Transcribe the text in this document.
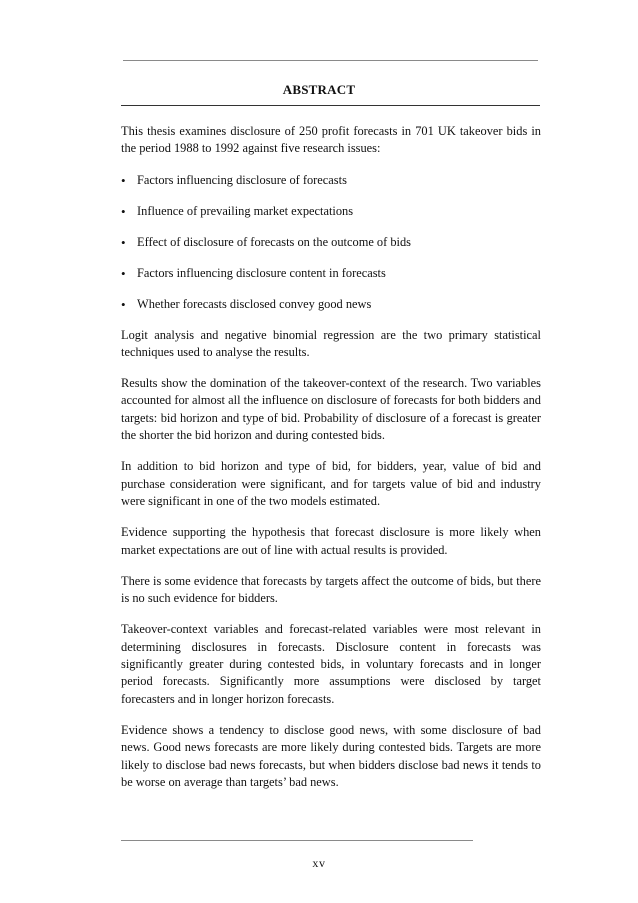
ABSTRACT

This thesis examines disclosure of 250 profit forecasts in 701 UK takeover bids in the period 1988 to 1992 against five research issues:

• Factors influencing disclosure of forecasts
• Influence of prevailing market expectations
• Effect of disclosure of forecasts on the outcome of bids
• Factors influencing disclosure content in forecasts
• Whether forecasts disclosed convey good news

Logit analysis and negative binomial regression are the two primary statistical techniques used to analyse the results.

Results show the domination of the takeover-context of the research. Two variables accounted for almost all the influence on disclosure of forecasts for both bidders and targets: bid horizon and type of bid. Probability of disclosure of a forecast is greater the shorter the bid horizon and during contested bids.

In addition to bid horizon and type of bid, for bidders, year, value of bid and purchase consideration were significant, and for targets value of bid and industry were significant in one of the two models estimated.

Evidence supporting the hypothesis that forecast disclosure is more likely when market expectations are out of line with actual results is provided.

There is some evidence that forecasts by targets affect the outcome of bids, but there is no such evidence for bidders.

Takeover-context variables and forecast-related variables were most relevant in determining disclosures in forecasts. Disclosure content in forecasts was significantly greater during contested bids, in voluntary forecasts and in longer period forecasts. Significantly more assumptions were disclosed by target forecasters and in longer horizon forecasts.

Evidence shows a tendency to disclose good news, with some disclosure of bad news. Good news forecasts are more likely during contested bids. Targets are more likely to disclose bad news forecasts, but when bidders disclose bad news it tends to be worse on average than targets’ bad news.

xv
